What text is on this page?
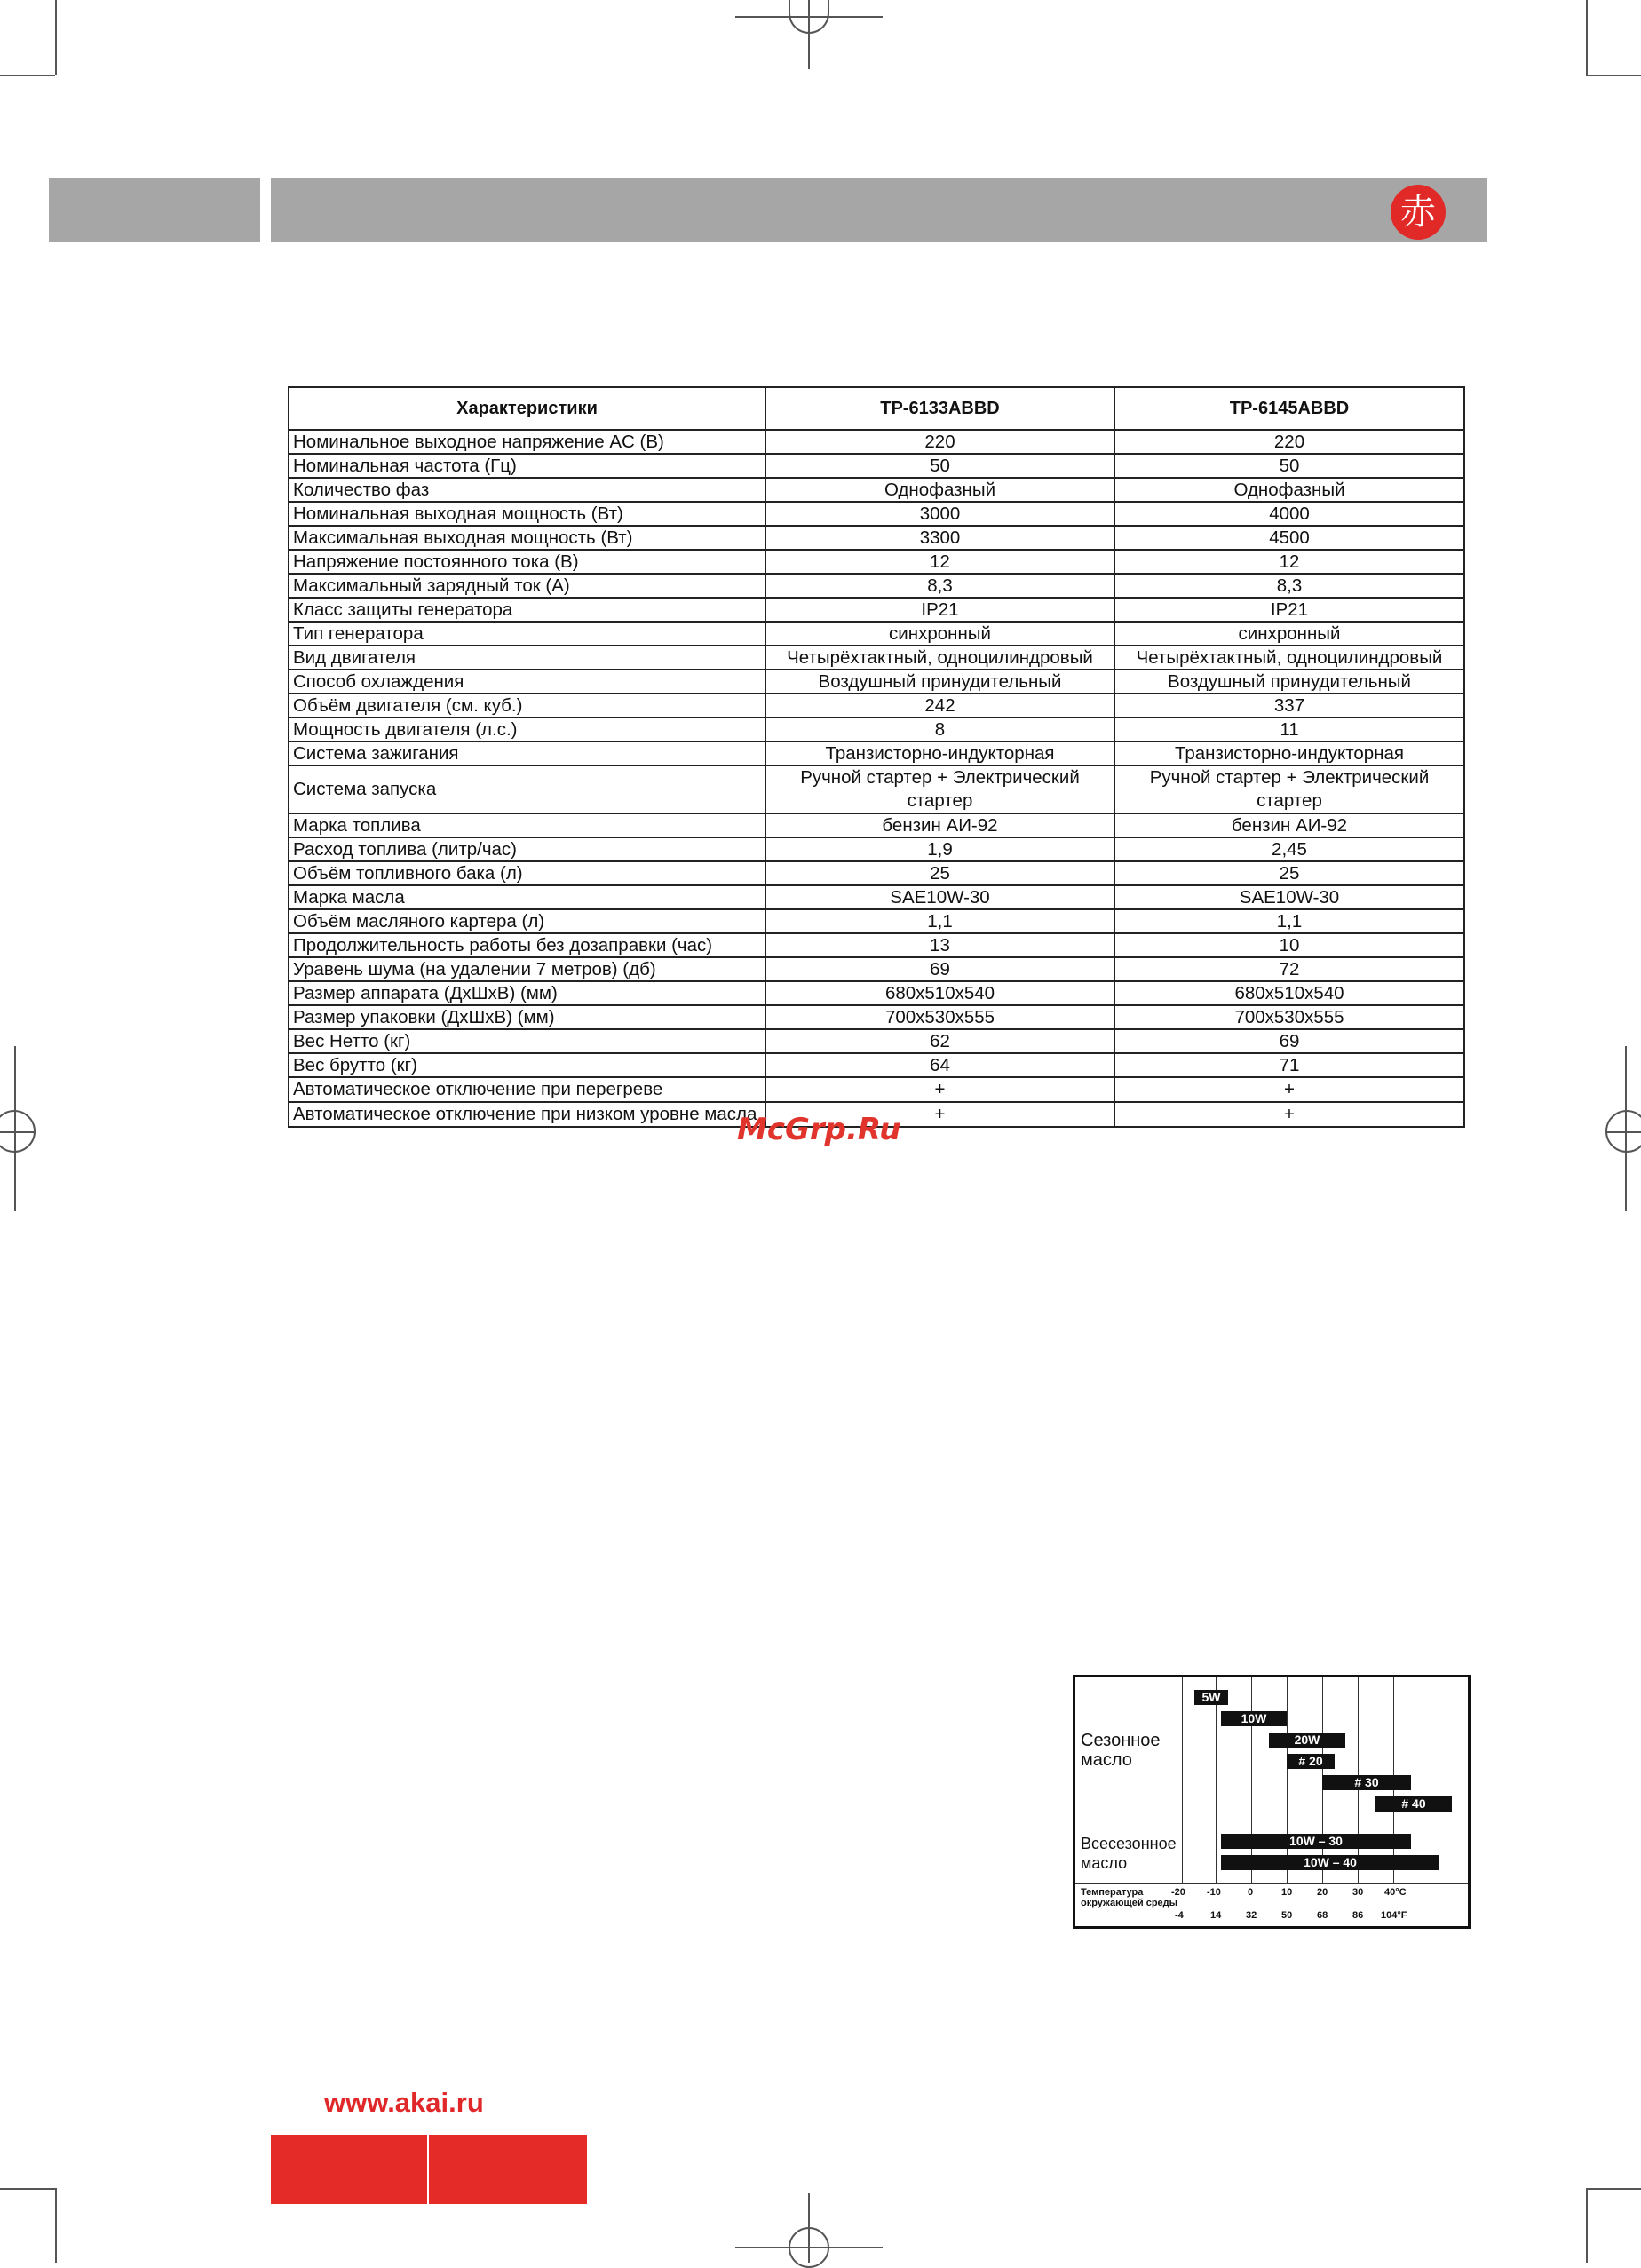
赤
Характеристики	TP-6133ABBD	TP-6145ABBD
Номинальное выходное напряжение AC (В)	220	220
Номинальная частота (Гц)	50	50
Количество фаз	Однофазный	Однофазный
Номинальная выходная мощность (Вт)	3000	4000
Максимальная выходная мощность (Вт)	3300	4500
Напряжение постоянного тока (В)	12	12
Максимальный зарядный ток (А)	8,3	8,3
Класс защиты генератора	IP21	IP21
Тип генератора	синхронный	синхронный
Вид двигателя	Четырёхтактный, одноцилиндровый	Четырёхтактный, одноцилиндровый
Способ охлаждения	Воздушный принудительный	Воздушный принудительный
Объём двигателя (см. куб.)	242	337
Мощность двигателя (л.с.)	8	11
Система зажигания	Транзисторно-индукторная	Транзисторно-индукторная
Система запуска	Ручной стартер + Электрический стартер	Ручной стартер + Электрический стартер
Марка топлива	бензин АИ-92	бензин АИ-92
Расход топлива (литр/час)	1,9	2,45
Объём топливного бака (л)	25	25
Марка масла	SAE10W-30	SAE10W-30
Объём масляного картера (л)	1,1	1,1
Продолжительность работы без дозаправки (час)	13	10
Уравень шума (на удалении 7 метров) (дб)	69	72
Размер аппарата (ДхШхВ) (мм)	680x510x540	680x510x540
Размер упаковки (ДхШхВ) (мм)	700x530x555	700x530x555
Вес Нетто (кг)	62	69
Вес брутто (кг)	64	71
Автоматическое отключение при перегреве	+	+
Автоматическое отключение при низком уровне масла	+	+
McGrp.Ru
Сезонное масло
Всесезонное масло
Температура окружающей среды
5W
10W
20W
# 20
# 30
# 40
10W – 30
10W – 40
-20 -10	0	10	20	30 40°C
-4	14	32	50	68	86 104°F
www.akai.ru
